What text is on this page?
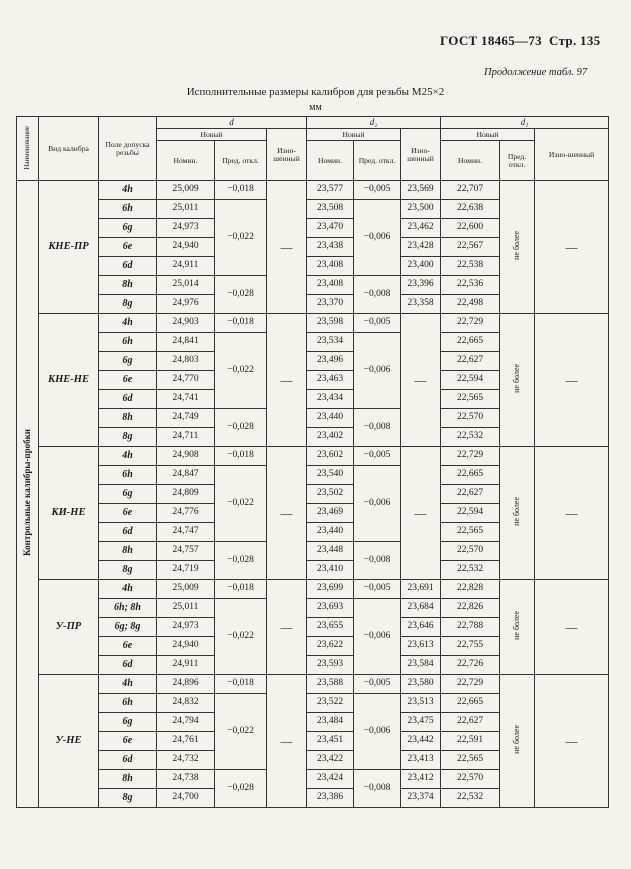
ГОСТ 18465—73 Стр. 135
Продолжение табл. 97
Исполнительные размеры калибров для резьбы М25×2
мм
Наименование	Вид калибра	Поле допуска резьбы	d			d₂			d₁		
			Новый		Изно-шенный	Новый		Изно-шенный	Новый		Изно-шенный
			Номин.	Пред. откл.		Номин.	Пред. откл.		Номин.	Пред. откл.	
Контрольные калибры-пробки	КНЕ-ПР	4h	25,009	−0,018	—	23,577	−0,005	23,569	22,707	не более	—
		6h	25,011	−0,022		23,508	−0,006	23,500	22,638		
		6g	24,973			23,470		23,462	22,600		
		6e	24,940			23,438		23,428	22,567		
		6d	24,911			23,408		23,400	22,538		
		8h	25,014	−0,028		23,408	−0,008	23,396	22,536		
		8g	24,976			23,370		23,358	22,498		
	КНЕ-НЕ	4h	24,903	−0,018	—	23,598	−0,005	—	22,729	не более	—
		6h	24,841	−0,022		23,534	−0,006		22,665		
		6g	24,803			23,496			22,627		
		6e	24,770			23,463			22,594		
		6d	24,741			23,434			22,565		
		8h	24,749	−0,028		23,440	−0,008		22,570		
		8g	24,711			23,402			22,532		
	КИ-НЕ	4h	24,908	−0,018	—	23,602	−0,005	—	22,729	не более	—
		6h	24,847	−0,022		23,540	−0,006		22,665		
		6g	24,809			23,502			22,627		
		6e	24,776			23,469			22,594		
		6d	24,747			23,440			22,565		
		8h	24,757	−0,028		23,448	−0,008		22,570		
		8g	24,719			23,410			22,532		
	У-ПР	4h	25,009	−0,018	—	23,699	−0,005	23,691	22,828	не более	—
		6h; 8h	25,011	−0,022		23,693	−0,006	23,684	22,826		
		6g; 8g	24,973			23,655		23,646	22,788		
		6e	24,940			23,622		23,613	22,755		
		6d	24,911			23,593		23,584	22,726		
	У-НЕ	4h	24,896	−0,018	—	23,588	−0,005	23,580	22,729	не более	—
		6h	24,832	−0,022		23,522	−0,006	23,513	22,665		
		6g	24,794			23,484		23,475	22,627		
		6e	24,761			23,451		23,442	22,591		
		6d	24,732			23,422		23,413	22,565		
		8h	24,738	−0,028		23,424	−0,008	23,412	22,570		
		8g	24,700			23,386		23,374	22,532		
